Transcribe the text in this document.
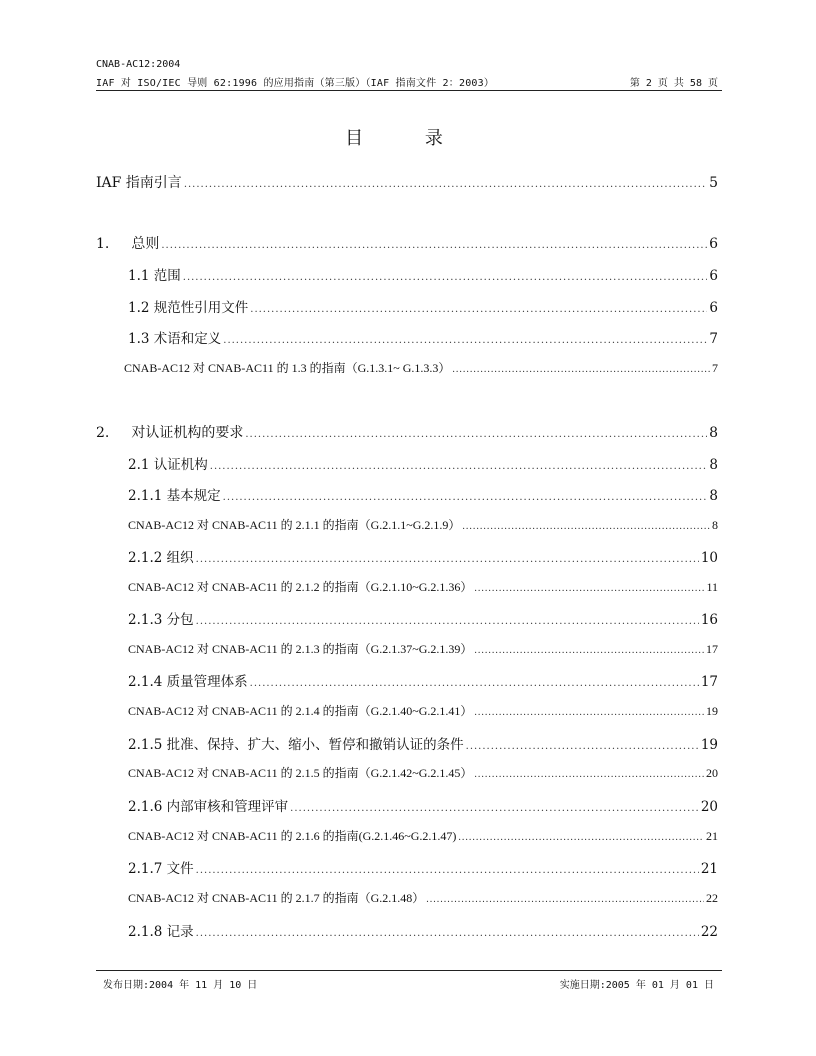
CNAB-AC12:2004
IAF 对 ISO/IEC 导则 62:1996 的应用指南（第三版）（IAF 指南文件 2：2003）	第 2 页 共 58 页
目 录
IAF 指南引言 .....	5
1. 总则 .....	6
1.1 范围 .....	6
1.2 规范性引用文件 .....	6
1.3 术语和定义 .....	7
CNAB-AC12 对 CNAB-AC11 的 1.3 的指南（G.1.3.1~ G.1.3.3） .....	7
2. 对认证机构的要求 .....	8
2.1 认证机构 .....	8
2.1.1 基本规定 .....	8
CNAB-AC12 对 CNAB-AC11 的 2.1.1 的指南（G.2.1.1~G.2.1.9） .....	8
2.1.2 组织 .....	10
CNAB-AC12 对 CNAB-AC11 的 2.1.2 的指南（G.2.1.10~G.2.1.36） .....	11
2.1.3 分包 .....	16
CNAB-AC12 对 CNAB-AC11 的 2.1.3 的指南（G.2.1.37~G.2.1.39） .....	17
2.1.4 质量管理体系 .....	17
CNAB-AC12 对 CNAB-AC11 的 2.1.4 的指南（G.2.1.40~G.2.1.41） .....	19
2.1.5 批准、保持、扩大、缩小、暂停和撤销认证的条件 .....	19
CNAB-AC12 对 CNAB-AC11 的 2.1.5 的指南（G.2.1.42~G.2.1.45） .....	20
2.1.6 内部审核和管理评审 .....	20
CNAB-AC12 对 CNAB-AC11 的 2.1.6 的指南(G.2.1.46~G.2.1.47) .....	21
2.1.7 文件 .....	21
CNAB-AC12 对 CNAB-AC11 的 2.1.7 的指南（G.2.1.48） .....	22
2.1.8 记录 .....	22
发布日期:2004 年 11 月 10 日	实施日期:2005 年 01 月 01 日
